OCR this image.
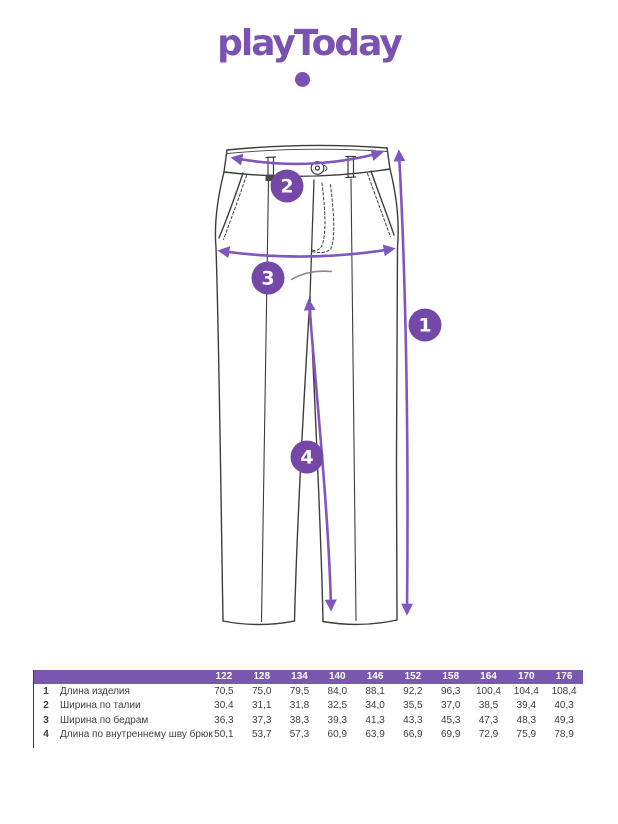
playToday
1
2
3
4
122	128	134	140	146	152	158	164	170	176
1	Длина изделия	70,5	75,0	79,5	84,0	88,1	92,2	96,3	100,4	104,4	108,4
2	Ширина по талии	30,4	31,1	31,8	32,5	34,0	35,5	37,0	38,5	39,4	40,3
3	Ширина по бедрам	36,3	37,3	38,3	39,3	41,3	43,3	45,3	47,3	48,3	49,3
4	Длина по внутреннему шву брюк 50,1	53,7	57,3	60,9	63,9	66,9	69,9	72,9	75,9	78,9
